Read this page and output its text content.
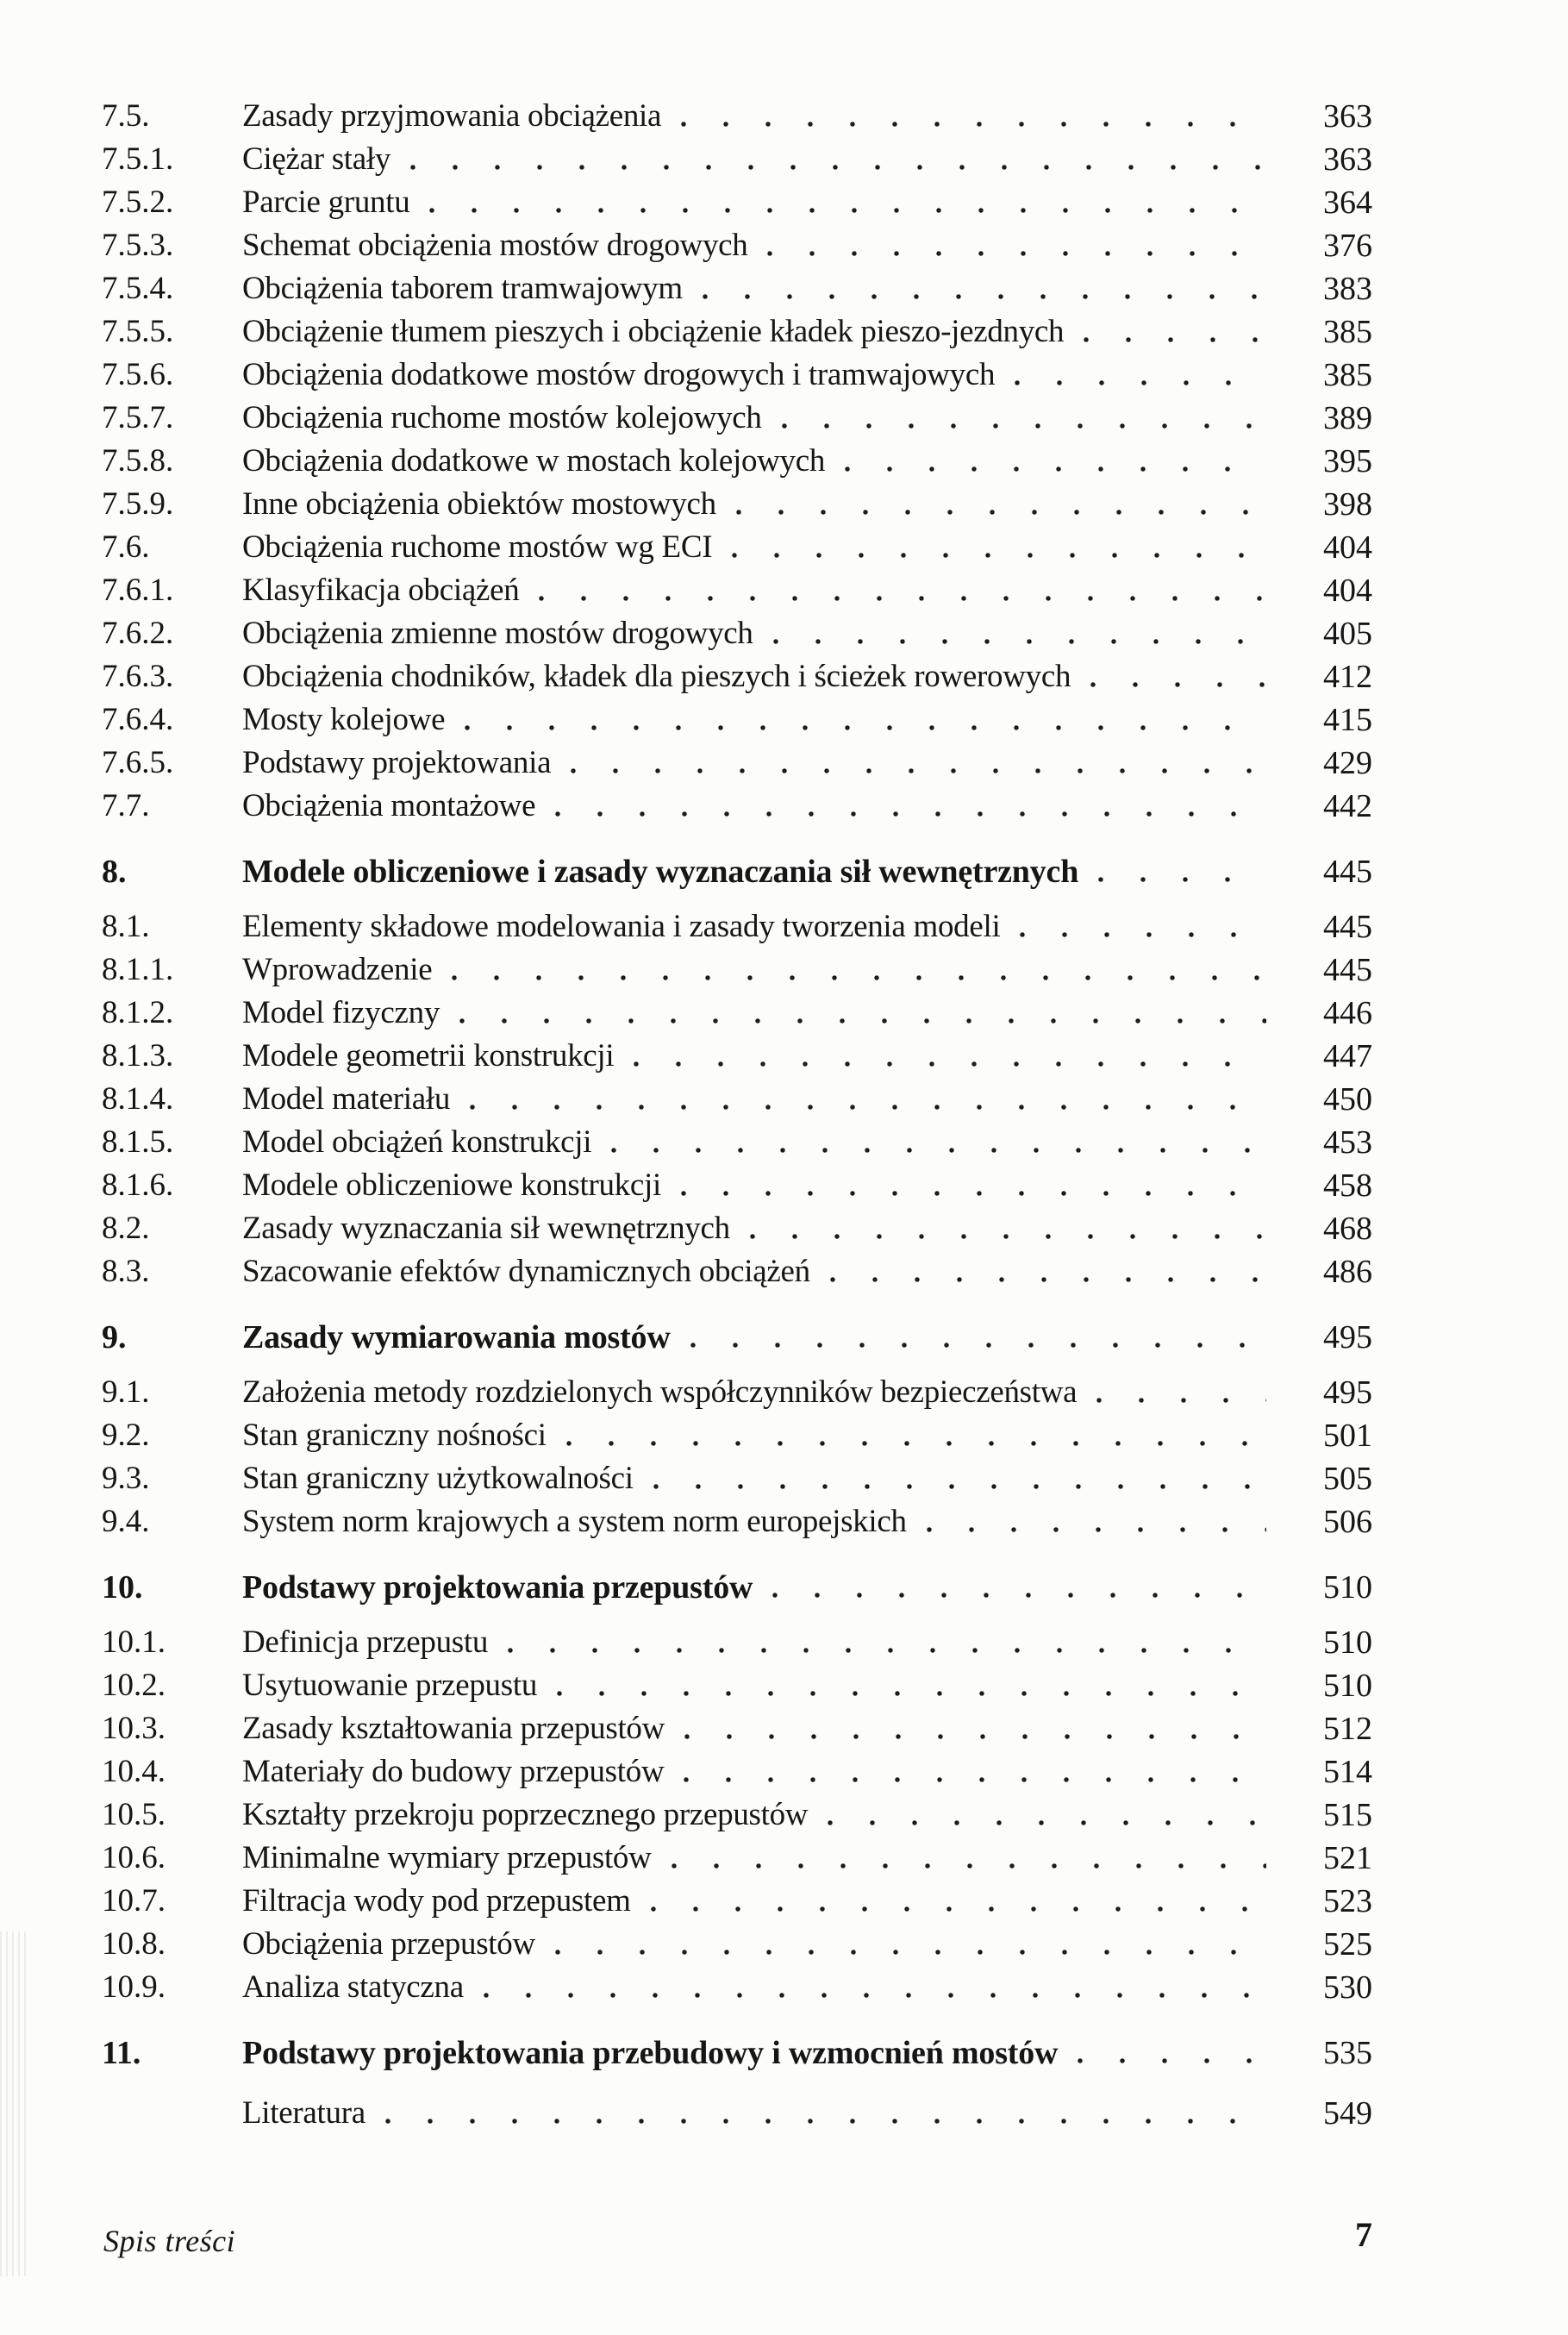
7.5.	Zasady przyjmowania obciążenia	363
7.5.1.	Ciężar stały	363
7.5.2.	Parcie gruntu	364
7.5.3.	Schemat obciążenia mostów drogowych	376
7.5.4.	Obciążenia taborem tramwajowym	383
7.5.5.	Obciążenie tłumem pieszych i obciążenie kładek pieszo-jezdnych	385
7.5.6.	Obciążenia dodatkowe mostów drogowych i tramwajowych	385
7.5.7.	Obciążenia ruchome mostów kolejowych	389
7.5.8.	Obciążenia dodatkowe w mostach kolejowych	395
7.5.9.	Inne obciążenia obiektów mostowych	398
7.6.	Obciążenia ruchome mostów wg ECI	404
7.6.1.	Klasyfikacja obciążeń	404
7.6.2.	Obciążenia zmienne mostów drogowych	405
7.6.3.	Obciążenia chodników, kładek dla pieszych i ścieżek rowerowych	412
7.6.4.	Mosty kolejowe	415
7.6.5.	Podstawy projektowania	429
7.7.	Obciążenia montażowe	442
8.	Modele obliczeniowe i zasady wyznaczania sił wewnętrznych	445
8.1.	Elementy składowe modelowania i zasady tworzenia modeli	445
8.1.1.	Wprowadzenie	445
8.1.2.	Model fizyczny	446
8.1.3.	Modele geometrii konstrukcji	447
8.1.4.	Model materiału	450
8.1.5.	Model obciążeń konstrukcji	453
8.1.6.	Modele obliczeniowe konstrukcji	458
8.2.	Zasady wyznaczania sił wewnętrznych	468
8.3.	Szacowanie efektów dynamicznych obciążeń	486
9.	Zasady wymiarowania mostów	495
9.1.	Założenia metody rozdzielonych współczynników bezpieczeństwa	495
9.2.	Stan graniczny nośności	501
9.3.	Stan graniczny użytkowalności	505
9.4.	System norm krajowych a system norm europejskich	506
10.	Podstawy projektowania przepustów	510
10.1.	Definicja przepustu	510
10.2.	Usytuowanie przepustu	510
10.3.	Zasady kształtowania przepustów	512
10.4.	Materiały do budowy przepustów	514
10.5.	Kształty przekroju poprzecznego przepustów	515
10.6.	Minimalne wymiary przepustów	521
10.7.	Filtracja wody pod przepustem	523
10.8.	Obciążenia przepustów	525
10.9.	Analiza statyczna	530
11.	Podstawy projektowania przebudowy i wzmocnień mostów	535
Literatura	549
Spis treści	7
